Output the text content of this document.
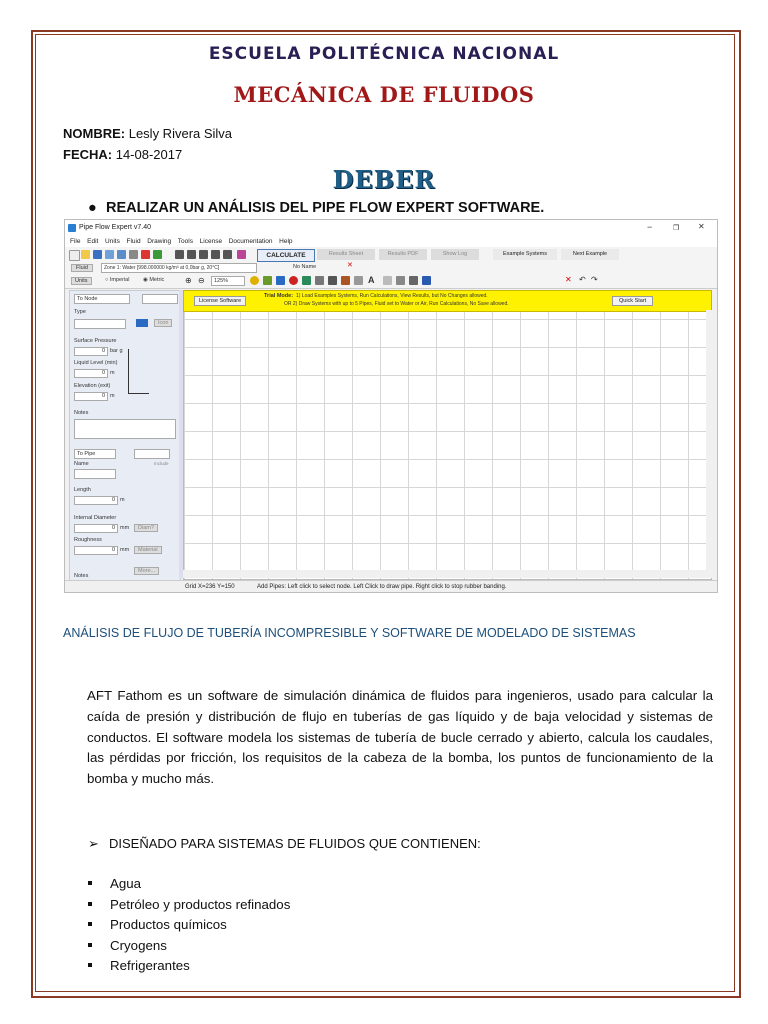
ESCUELA POLITÉCNICA NACIONAL
MECÁNICA DE FLUIDOS
NOMBRE: Lesly Rivera Silva
FECHA: 14-08-2017
DEBER
● REALIZAR UN ANÁLISIS DEL PIPE FLOW EXPERT SOFTWARE.
Pipe Flow Expert v7.40	−	❐ ✕
File Edit Units Fluid Drawing Tools License Documentation Help
CALCULATE	Results Sheet	Results PDF	Show Log	Example Systems	Next Example
Fluid	Zone 1: Water [998.000000 kg/m³ at 0,0bar g, 20°C]	No Name	✕
Units	○ Imperial ◉ Metric	⊕ ⊖	125%	A	✕ ↶ ↷
To Node
Type
Icon
Surface Pressure
0 bar g
Liquid Level (min)
0 m
Elevation (exit)
0 m
Notes
To Pipe
Name	Include
Length
0 m
Internal Diameter
0 mm	Diam?
Roughness
0 mm	Material
More...
Notes
License Software
Trial Mode: 1) Load Examples Systems, Run Calculations, View Results, but No Changes allowed.
OR 2) Draw Systems with up to 5 Pipes, Fluid set to Water or Air, Run Calculations, No Save allowed.	Quick Start
Grid X=236 Y=150	Add Pipes: Left click to select node. Left Click to draw pipe. Right click to stop rubber banding.
ANÁLISIS DE FLUJO DE TUBERÍA INCOMPRESIBLE Y SOFTWARE DE MODELADO DE SISTEMAS
AFT Fathom es un software de simulación dinámica de fluidos para ingenieros, usado para calcular la caída de presión y distribución de flujo en tuberías de gas líquido y de baja velocidad y sistemas de conductos. El software modela los sistemas de tubería de bucle cerrado y abierto, calcula los caudales, las pérdidas por fricción, los requisitos de la cabeza de la bomba, los puntos de funcionamiento de la bomba y mucho más.
➢ DISEÑADO PARA SISTEMAS DE FLUIDOS QUE CONTIENEN:
Agua
Petróleo y productos refinados
Productos químicos
Cryogens
Refrigerantes
